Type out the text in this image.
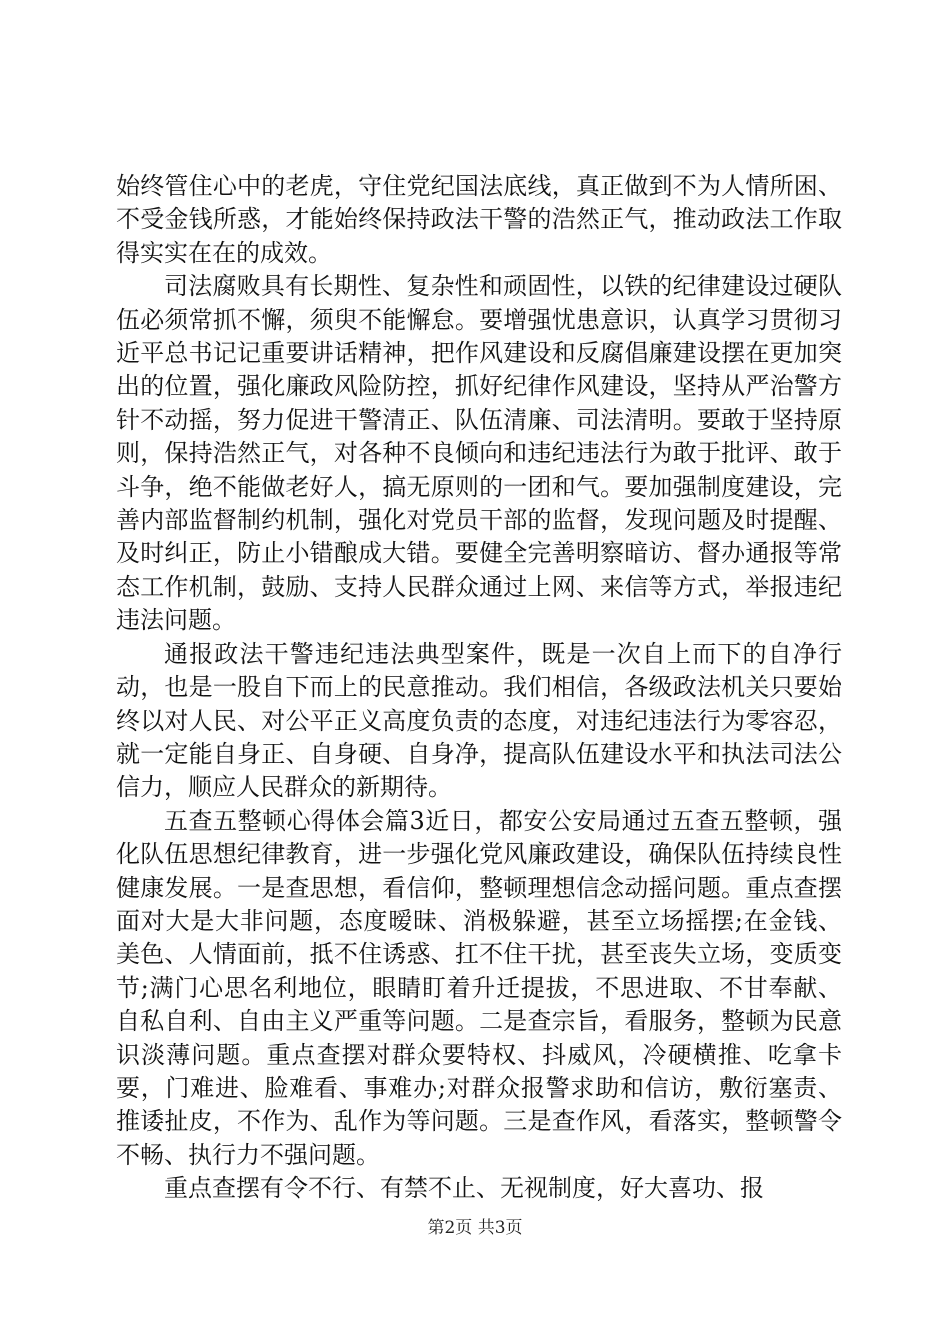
始终管住心中的老虎，守住党纪国法底线，真正做到不为人情所困、不受金钱所惑，才能始终保持政法干警的浩然正气，推动政法工作取得实实在在的成效。

司法腐败具有长期性、复杂性和顽固性，以铁的纪律建设过硬队伍必须常抓不懈，须臾不能懈怠。要增强忧患意识，认真学习贯彻习近平总书记记重要讲话精神，把作风建设和反腐倡廉建设摆在更加突出的位置，强化廉政风险防控，抓好纪律作风建设，坚持从严治警方针不动摇，努力促进干警清正、队伍清廉、司法清明。要敢于坚持原则，保持浩然正气，对各种不良倾向和违纪违法行为敢于批评、敢于斗争，绝不能做老好人，搞无原则的一团和气。要加强制度建设，完善内部监督制约机制，强化对党员干部的监督，发现问题及时提醒、及时纠正，防止小错酿成大错。要健全完善明察暗访、督办通报等常态工作机制，鼓励、支持人民群众通过上网、来信等方式，举报违纪违法问题。

通报政法干警违纪违法典型案件，既是一次自上而下的自净行动，也是一股自下而上的民意推动。我们相信，各级政法机关只要始终以对人民、对公平正义高度负责的态度，对违纪违法行为零容忍，就一定能自身正、自身硬、自身净，提高队伍建设水平和执法司法公信力，顺应人民群众的新期待。

五查五整顿心得体会篇3近日，都安公安局通过五查五整顿，强化队伍思想纪律教育，进一步强化党风廉政建设，确保队伍持续良性健康发展。一是查思想，看信仰，整顿理想信念动摇问题。重点查摆面对大是大非问题，态度暧昧、消极躲避，甚至立场摇摆;在金钱、美色、人情面前，抵不住诱惑、扛不住干扰，甚至丧失立场，变质变节;满门心思名利地位，眼睛盯着升迁提拔，不思进取、不甘奉献、自私自利、自由主义严重等问题。二是查宗旨，看服务，整顿为民意识淡薄问题。重点查摆对群众要特权、抖威风，冷硬横推、吃拿卡要，门难进、脸难看、事难办;对群众报警求助和信访，敷衍塞责、推诿扯皮，不作为、乱作为等问题。三是查作风，看落实，整顿警令不畅、执行力不强问题。

重点查摆有令不行、有禁不止、无视制度，好大喜功、报

第2页 共3页
